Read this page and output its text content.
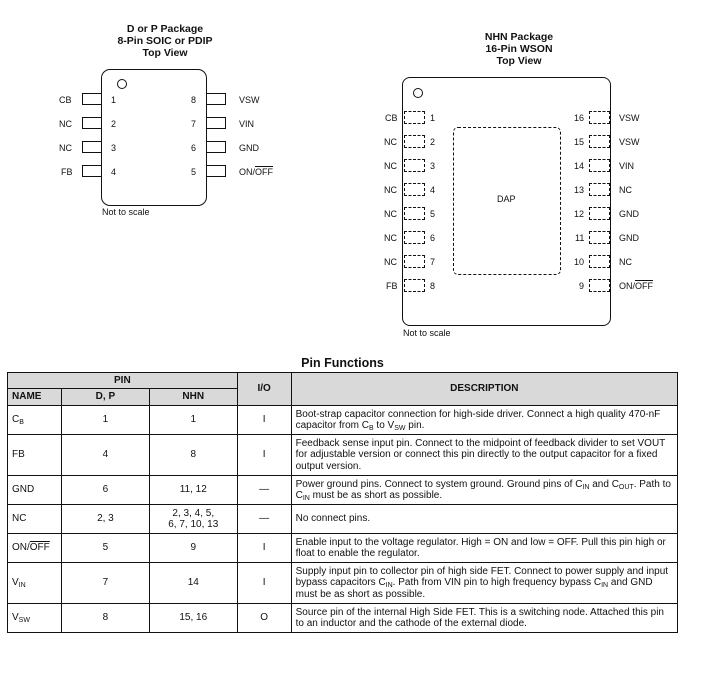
D or P Package
8-Pin SOIC or PDIP
Top View
CB
NC
NC
FB
1
2
3
4
8
7
6
5
VSW
VIN
GND
$ON/\overline{OFF}$
Not to scale
NHN Package
16-Pin WSON
Top View
DAP
CB
NC
NC
NC
NC
NC
NC
FB
1
2
3
4
5
6
7
8
16
15
14
13
12
11
10
9
VSW
VSW
VIN
NC
GND
GND
NC
$ON/\overline{OFF}$
Not to scale
Pin Functions
PIN			I/O	DESCRIPTION
NAME	D, P	NHN		
$C_B$	1	1	I	Boot-strap capacitor connection for high-side driver. Connect a high quality 470-nF capacitor from $C_B$ to $V_{SW}$ pin.
FB	4	8	I	Feedback sense input pin. Connect to the midpoint of feedback divider to set VOUT for adjustable version or connect this pin directly to the output capacitor for a fixed output version.
GND	6	11, 12	—	Power ground pins. Connect to system ground. Ground pins of $C_{IN}$ and $C_{OUT}$. Path to $C_{IN}$ must be as short as possible.
NC	2, 3	2, 3, 4, 5,
6, 7, 10, 13	—	No connect pins.
$ON/\overline{OFF}$	5	9	I	Enable input to the voltage regulator. High = ON and low = OFF. Pull this pin high or float to enable the regulator.
$V_{IN}$	7	14	I	Supply input pin to collector pin of high side FET. Connect to power supply and input bypass capacitors $C_{IN}$. Path from VIN pin to high frequency bypass $C_{IN}$ and GND must be as short as possible.
$V_{SW}$	8	15, 16	O	Source pin of the internal High Side FET. This is a switching node. Attached this pin to an inductor and the cathode of the external diode.
